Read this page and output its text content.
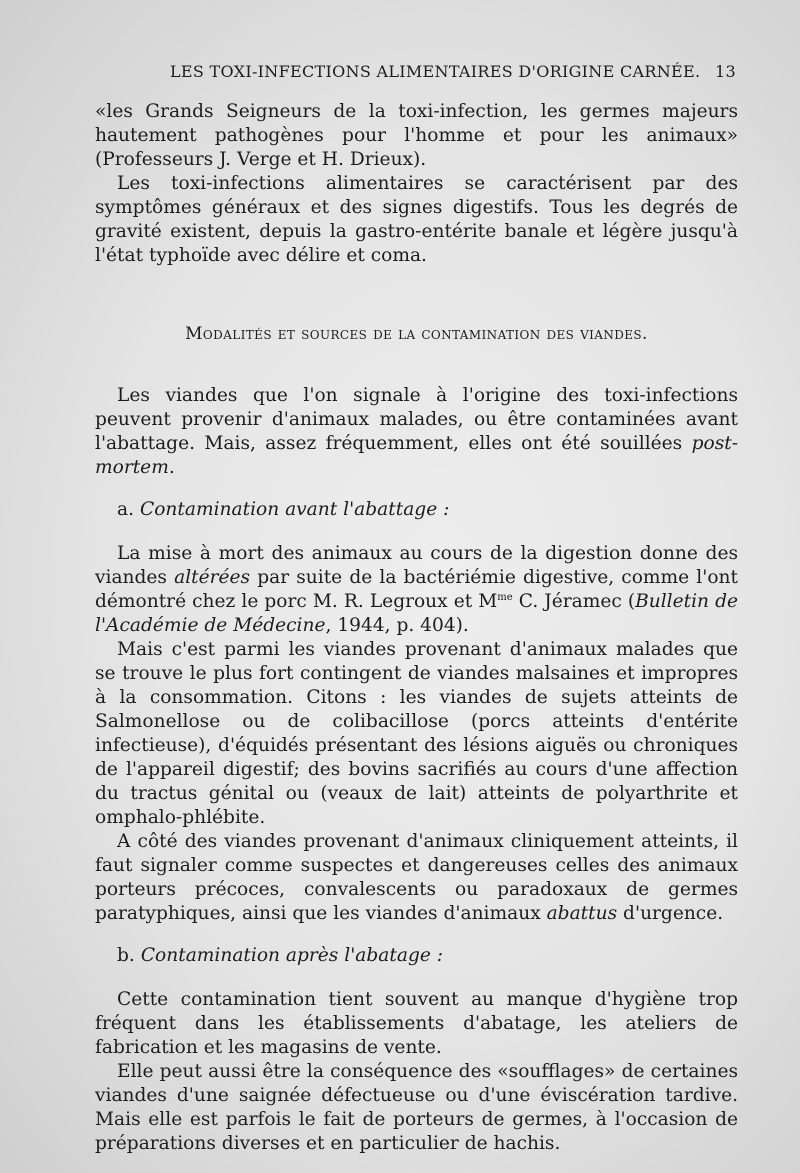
LES TOXI-INFECTIONS ALIMENTAIRES D'ORIGINE CARNÉE. 13

«les Grands Seigneurs de la toxi-infection, les germes majeurs hautement pathogènes pour l'homme et pour les animaux» (Professeurs J. Verge et H. Drieux).

Les toxi-infections alimentaires se caractérisent par des symptômes généraux et des signes digestifs. Tous les degrés de gravité existent, depuis la gastro-entérite banale et légère jusqu'à l'état typhoïde avec délire et coma.

Modalités et sources de la contamination des viandes.

Les viandes que l'on signale à l'origine des toxi-infections peuvent provenir d'animaux malades, ou être contaminées avant l'abattage. Mais, assez fréquemment, elles ont été souillées post-mortem.

a. Contamination avant l'abattage :

La mise à mort des animaux au cours de la digestion donne des viandes altérées par suite de la bactériémie digestive, comme l'ont démontré chez le porc M. R. Legroux et $M^{me}$ C. Jéramec (Bulletin de l'Académie de Médecine, 1944, p. 404).

Mais c'est parmi les viandes provenant d'animaux malades que se trouve le plus fort contingent de viandes malsaines et impropres à la consommation. Citons : les viandes de sujets atteints de Salmonellose ou de colibacillose (porcs atteints d'entérite infectieuse), d'équidés présentant des lésions aiguës ou chroniques de l'appareil digestif; des bovins sacrifiés au cours d'une affection du tractus génital ou (veaux de lait) atteints de polyarthrite et omphalo-phlébite.

A côté des viandes provenant d'animaux cliniquement atteints, il faut signaler comme suspectes et dangereuses celles des animaux porteurs précoces, convalescents ou paradoxaux de germes paratyphiques, ainsi que les viandes d'animaux abattus d'urgence.

b. Contamination après l'abatage :

Cette contamination tient souvent au manque d'hygiène trop fréquent dans les établissements d'abatage, les ateliers de fabrication et les magasins de vente.

Elle peut aussi être la conséquence des «soufflages» de certaines viandes d'une saignée défectueuse ou d'une éviscération tardive. Mais elle est parfois le fait de porteurs de germes, à l'occasion de préparations diverses et en particulier de hachis.
